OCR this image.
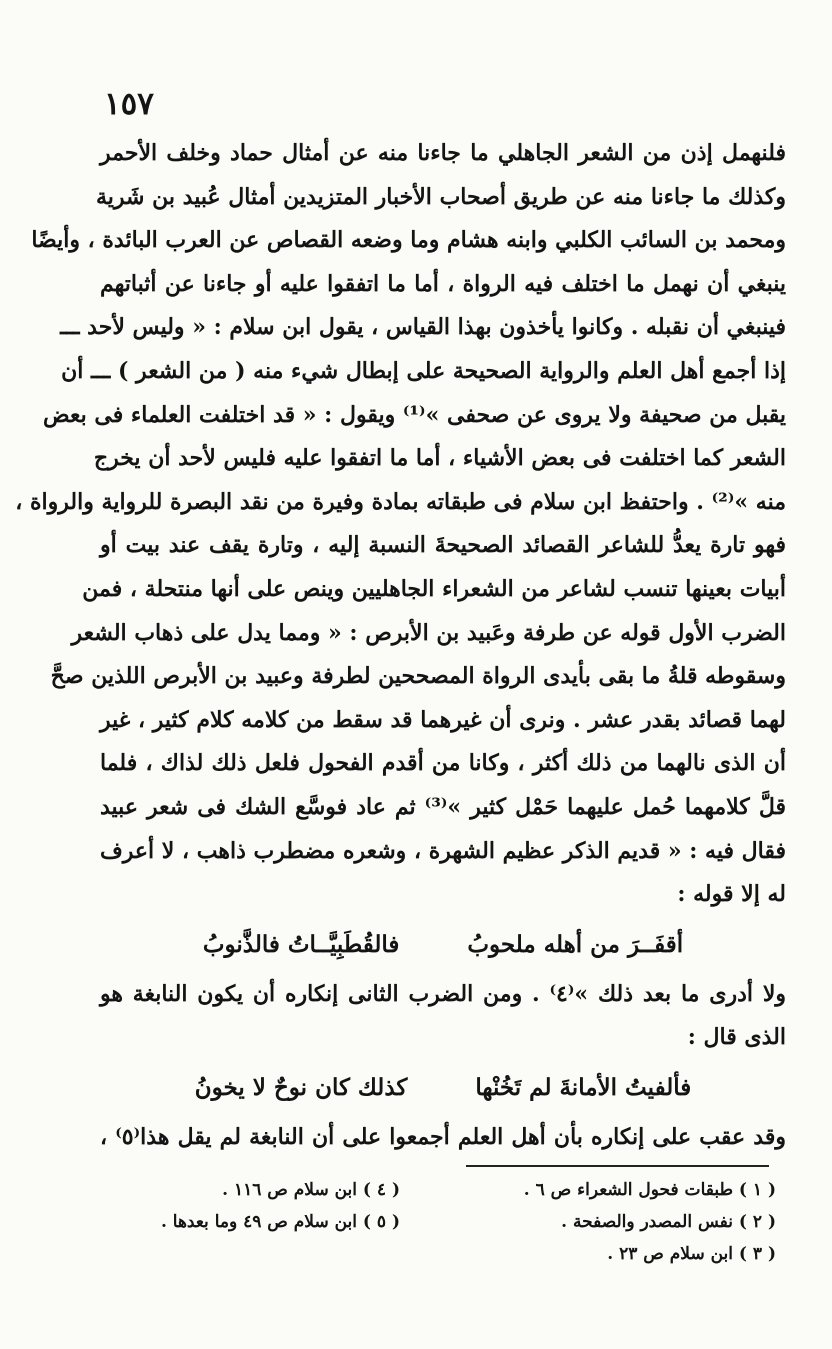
١٥٧
فلنهمل إذن من الشعر الجاهلي ما جاءنا منه عن أمثال حماد وخلف الأحمر
وكذلك ما جاءنا منه عن طريق أصحاب الأخبار المتزيدين أمثال عُبيد بن شَرية
ومحمد بن السائب الكلبي وابنه هشام وما وضعه القصاص عن العرب البائدة ، وأيضًا
ينبغي أن نهمل ما اختلف فيه الرواة ، أما ما اتفقوا عليه أو جاءنا عن أثباتهم
فينبغي أن نقبله . وكانوا يأخذون بهذا القياس ، يقول ابن سلام : « وليس لأحد ـــ
إذا أجمع أهل العلم والرواية الصحيحة على إبطال شيء منه ( من الشعر ) ـــ أن
يقبل من صحيفة ولا يروى عن صحفى »⁽¹⁾ ويقول : « قد اختلفت العلماء فى بعض
الشعر كما اختلفت فى بعض الأشياء ، أما ما اتفقوا عليه فليس لأحد أن يخرج
منه »⁽²⁾ . واحتفظ ابن سلام فى طبقاته بمادة وفيرة من نقد البصرة للرواية والرواة ،
فهو تارة يعدُّ للشاعر القصائد الصحيحةَ النسبة إليه ، وتارة يقف عند بيت أو
أبيات بعينها تنسب لشاعر من الشعراء الجاهليين وينص على أنها منتحلة ، فمن
الضرب الأول قوله عن طرفة وعَبيد بن الأبرص : « ومما يدل على ذهاب الشعر
وسقوطه قلةُ ما بقى بأيدى الرواة المصححين لطرفة وعبيد بن الأبرص اللذين صحَّ
لهما قصائد بقدر عشر . ونرى أن غيرهما قد سقط من كلامه كلام كثير ، غير
أن الذى نالهما من ذلك أكثر ، وكانا من أقدم الفحول فلعل ذلك لذاك ، فلما
قلَّ كلامهما حُمل عليهما حَمْل كثير »⁽³⁾ ثم عاد فوسَّع الشك فى شعر عبيد
فقال فيه : « قديم الذكر عظيم الشهرة ، وشعره مضطرب ذاهب ، لا أعرف
له إلا قوله :
أقفَــرَ من أهله ملحوبُ
فالقُطَبِيَّــاتُ فالذَّنوبُ
ولا أدرى ما بعد ذلك »⁽٤⁾ . ومن الضرب الثانى إنكاره أن يكون النابغة هو
الذى قال :
فألفيتُ الأمانةَ لم تَخُنْها
كذلك كان نوحٌ لا يخونُ
وقد عقب على إنكاره بأن أهل العلم أجمعوا على أن النابغة لم يقل هذا⁽٥⁾ ،
( ١ ) طبقات فحول الشعراء ص ٦ .
( ٢ ) نفس المصدر والصفحة .
( ٣ ) ابن سلام ص ٢٣ .
( ٤ ) ابن سلام ص ١١٦ .
( ٥ ) ابن سلام ص ٤٩ وما بعدها .
